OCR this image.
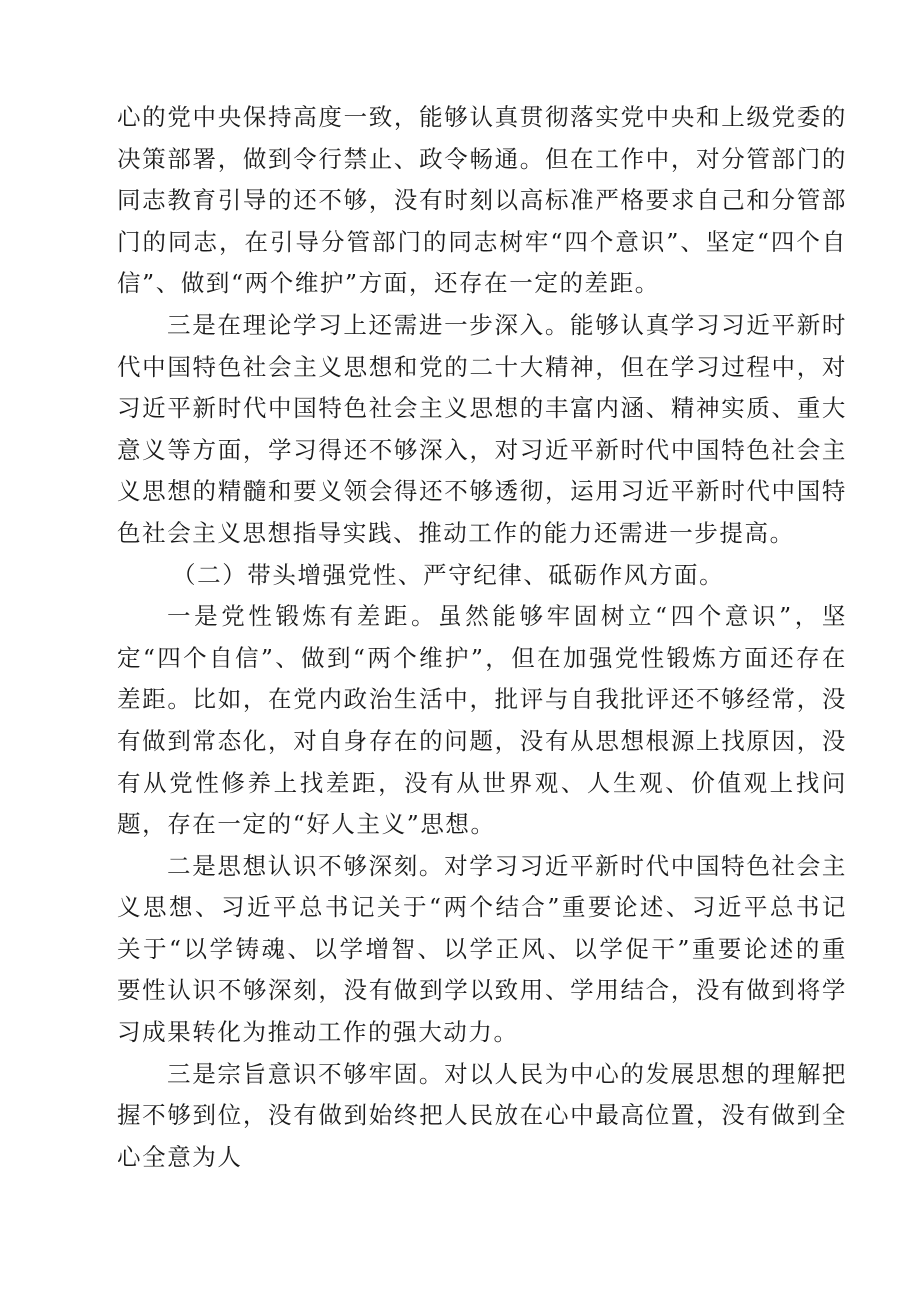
心的党中央保持高度一致，能够认真贯彻落实党中央和上级党委的决策部署，做到令行禁止、政令畅通。但在工作中，对分管部门的同志教育引导的还不够，没有时刻以高标准严格要求自己和分管部门的同志，在引导分管部门的同志树牢“四个意识”、坚定“四个自信”、做到“两个维护”方面，还存在一定的差距。

三是在理论学习上还需进一步深入。能够认真学习习近平新时代中国特色社会主义思想和党的二十大精神，但在学习过程中，对习近平新时代中国特色社会主义思想的丰富内涵、精神实质、重大意义等方面，学习得还不够深入，对习近平新时代中国特色社会主义思想的精髓和要义领会得还不够透彻，运用习近平新时代中国特色社会主义思想指导实践、推动工作的能力还需进一步提高。

（二）带头增强党性、严守纪律、砥砺作风方面。

一是党性锻炼有差距。虽然能够牢固树立“四个意识”，坚定“四个自信”、做到“两个维护”，但在加强党性锻炼方面还存在差距。比如，在党内政治生活中，批评与自我批评还不够经常，没有做到常态化，对自身存在的问题，没有从思想根源上找原因，没有从党性修养上找差距，没有从世界观、人生观、价值观上找问题，存在一定的“好人主义”思想。

二是思想认识不够深刻。对学习习近平新时代中国特色社会主义思想、习近平总书记关于“两个结合”重要论述、习近平总书记关于“以学铸魂、以学增智、以学正风、以学促干”重要论述的重要性认识不够深刻，没有做到学以致用、学用结合，没有做到将学习成果转化为推动工作的强大动力。

三是宗旨意识不够牢固。对以人民为中心的发展思想的理解把握不够到位，没有做到始终把人民放在心中最高位置，没有做到全心全意为人
